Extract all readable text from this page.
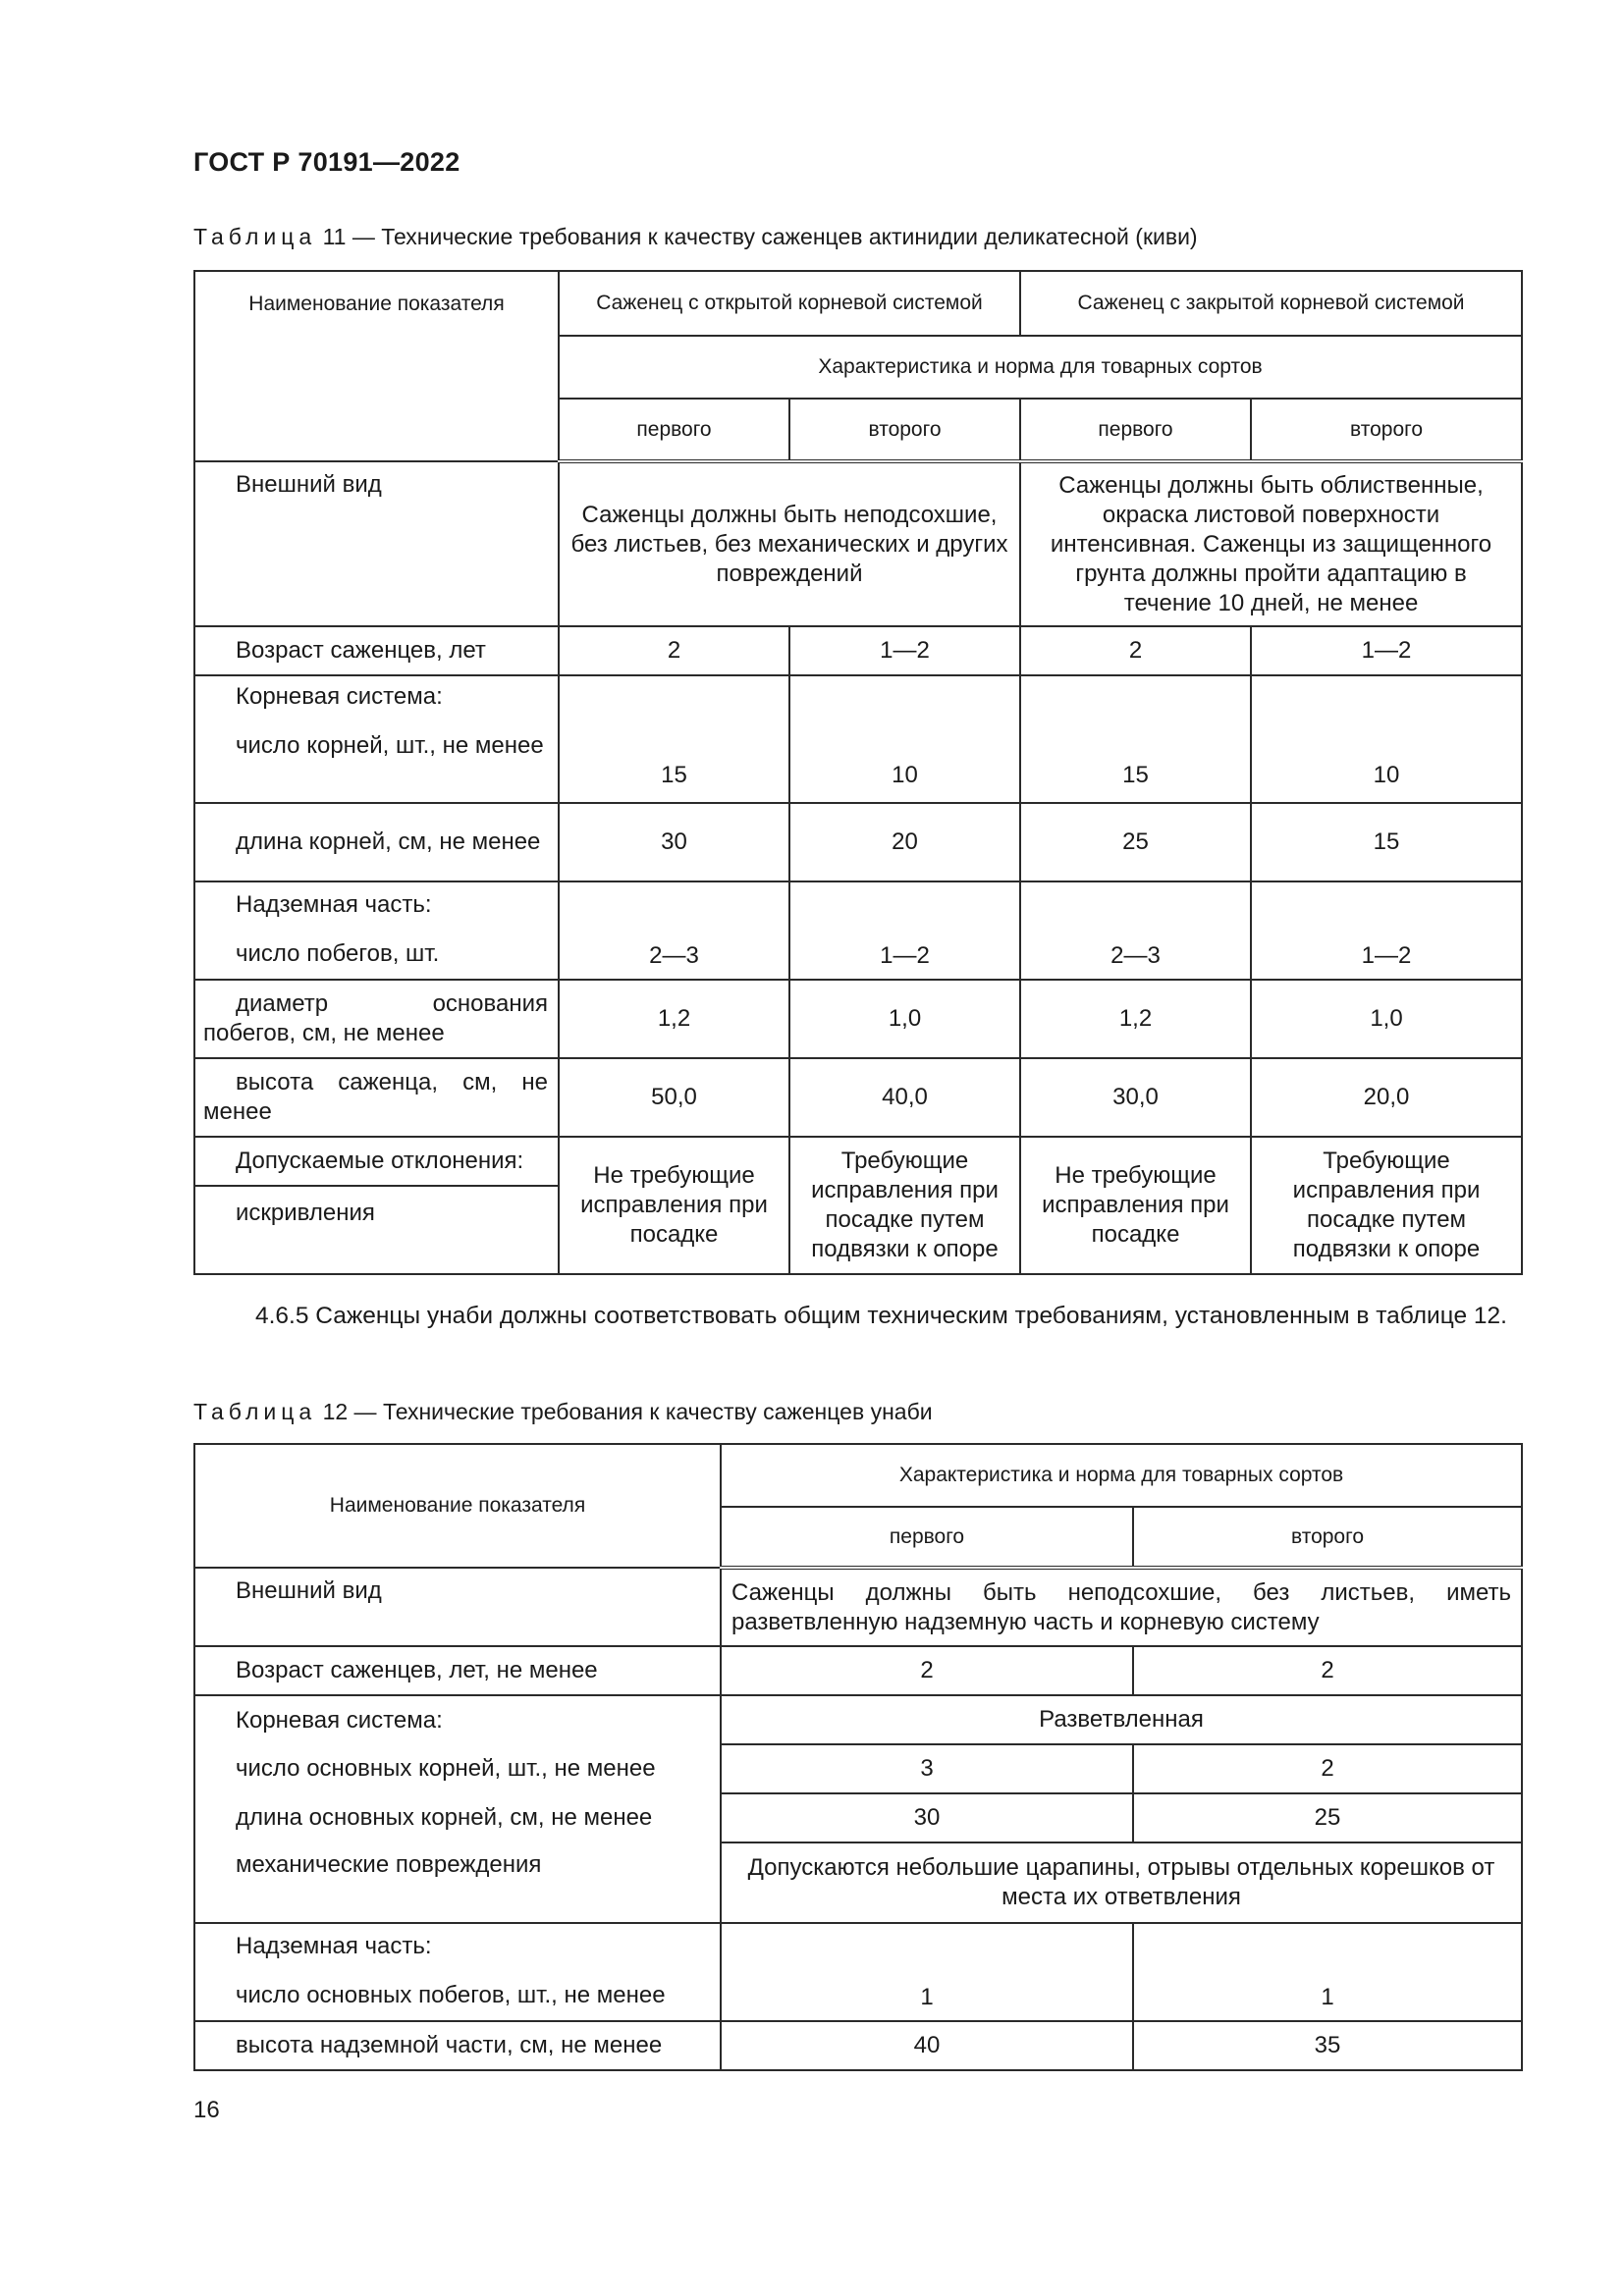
ГОСТ Р 70191—2022
Таблица 11 — Технические требования к качеству саженцев актинидии деликатесной (киви)
Наименование показателя	Саженец с открытой корневой системой		Саженец с закрытой корневой системой	
	Характеристика и норма для товарных сортов			
	первого	второго	первого	второго

Внешний вид	Саженцы должны быть неподсохшие, без листьев, без механических и других повреждений		Саженцы должны быть облиственные, окраска листовой поверхности интенсивная. Саженцы из защищенного грунта должны пройти адаптацию в течение 10 дней, не менее	

Возраст саженцев, лет	2	1—2	2	1—2

Корневая система:
число корней, шт., не менее	15	10	15	10

длина корней, см, не менее	30	20	25	15

Надземная часть:
число побегов, шт.	2—3	1—2	2—3	1—2

диаметр основания побегов, см, не менее	1,2	1,0	1,2	1,0

высота саженца, см, не менее	50,0	40,0	30,0	20,0

Допускаемые отклонения:	Не требующие исправления при посадке	Требующие исправления при посадке путем подвязки к опоре	Не требующие исправления при посадке	Требующие исправления при посадке путем подвязки к опоре

искривления				
4.6.5 Саженцы унаби должны соответствовать общим техническим требованиям, установленным в таблице 12.
Таблица 12 — Технические требования к качеству саженцев унаби
Наименование показателя	Характеристика и норма для товарных сортов	
	первого	второго

Внешний вид	Саженцы должны быть неподсохшие, без листьев, иметь разветвленную надземную часть и корневую систему	

Возраст саженцев, лет, не менее	2	2

Корневая система:	Разветвленная	

число основных корней, шт., не менее	3	2

длина основных корней, см, не менее	30	25

механические повреждения	Допускаются небольшие царапины, отрывы отдельных корешков от места их ответвления	

Надземная часть:
число основных побегов, шт., не менее	1	1

высота надземной части, см, не менее	40	35
16
